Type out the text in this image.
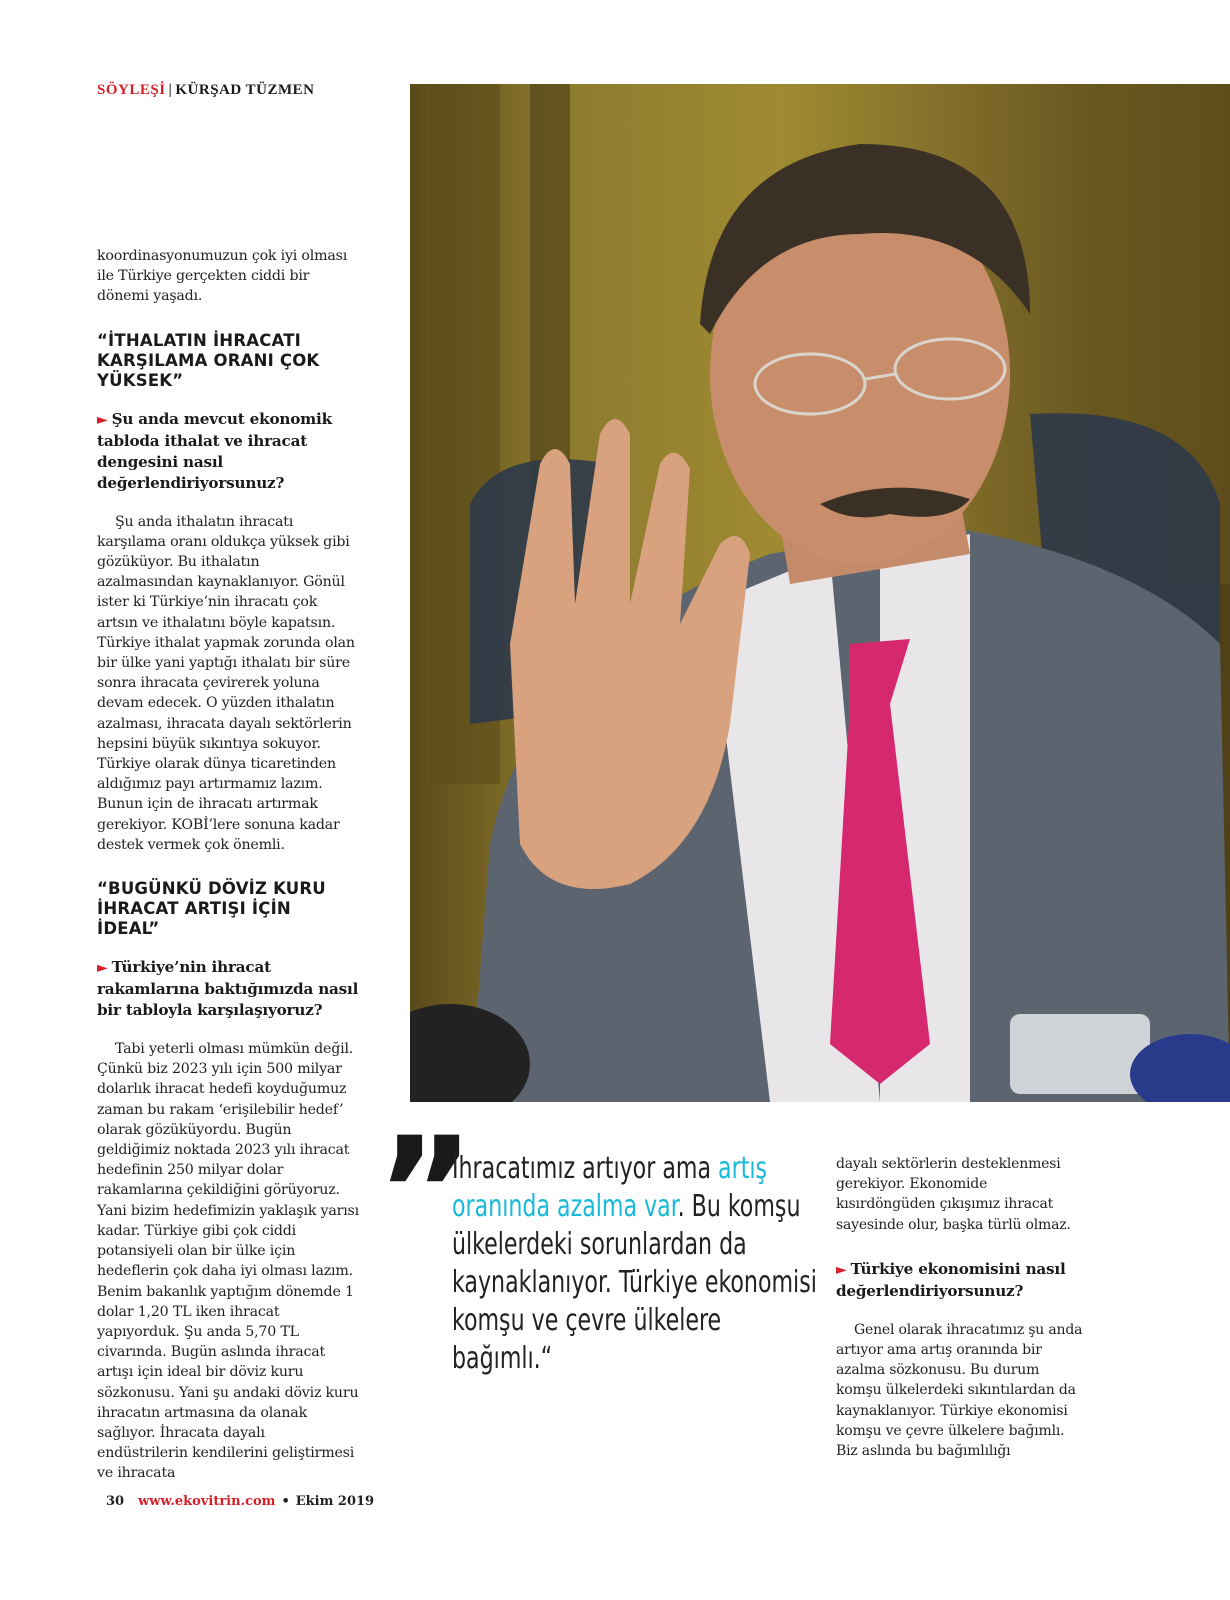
SÖYLEŞİ | KÜRŞAD TÜZMEN

koordinasyonumuzun çok iyi olması ile Türkiye gerçekten ciddi bir dönemi yaşadı.

“İTHALATIN İHRACATI KARŞILAMA ORANI ÇOK YÜKSEK”

► Şu anda mevcut ekonomik tabloda ithalat ve ihracat dengesini nasıl değerlendiriyorsunuz?

Şu anda ithalatın ihracatı karşılama oranı oldukça yüksek gibi gözüküyor. Bu ithalatın azalmasından kaynaklanıyor. Gönül ister ki Türkiye’nin ihracatı çok artsın ve ithalatını böyle kapatsın. Türkiye ithalat yapmak zorunda olan bir ülke yani yaptığı ithalatı bir süre sonra ihracata çevirerek yoluna devam edecek. O yüzden ithalatın azalması, ihracata dayalı sektörlerin hepsini büyük sıkıntıya sokuyor. Türkiye olarak dünya ticaretinden aldığımız payı artırmamız lazım. Bunun için de ihracatı artırmak gerekiyor. KOBİ’lere sonuna kadar destek vermek çok önemli.

“BUGÜNKÜ DÖVİZ KURU İHRACAT ARTIŞI İÇİN İDEAL”

► Türkiye’nin ihracat rakamlarına baktığımızda nasıl bir tabloyla karşılaşıyoruz?

Tabi yeterli olması mümkün değil. Çünkü biz 2023 yılı için 500 milyar dolarlık ihracat hedefi koyduğumuz zaman bu rakam ‘erişilebilir hedef’ olarak gözüküyordu. Bugün geldiğimiz noktada 2023 yılı ihracat hedefinin 250 milyar dolar rakamlarına çekildiğini görüyoruz. Yani bizim hedefimizin yaklaşık yarısı kadar. Türkiye gibi çok ciddi potansiyeli olan bir ülke için hedeflerin çok daha iyi olması lazım. Benim bakanlık yaptığım dönemde 1 dolar 1,20 TL iken ihracat yapıyorduk. Şu anda 5,70 TL civarında. Bugün aslında ihracat artışı için ideal bir döviz kuru sözkonusu. Yani şu andaki döviz kuru ihracatın artmasına da olanak sağlıyor. İhracata dayalı endüstrilerin kendilerini geliştirmesi ve ihracata

”
İhracatımız artıyor ama artış oranında azalma var. Bu komşu ülkelerdeki sorunlardan da kaynaklanıyor. Türkiye ekonomisi komşu ve çevre ülkelere bağımlı.“

dayalı sektörlerin desteklenmesi gerekiyor. Ekonomide kısırdöngüden çıkışımız ihracat sayesinde olur, başka türlü olmaz.

► Türkiye ekonomisini nasıl değerlendiriyorsunuz?

Genel olarak ihracatımız şu anda artıyor ama artış oranında bir azalma sözkonusu. Bu durum komşu ülkelerdeki sıkıntılardan da kaynaklanıyor. Türkiye ekonomisi komşu ve çevre ülkelere bağımlı. Biz aslında bu bağımlılığı

30 www.ekovitrin.com • Ekim 2019
